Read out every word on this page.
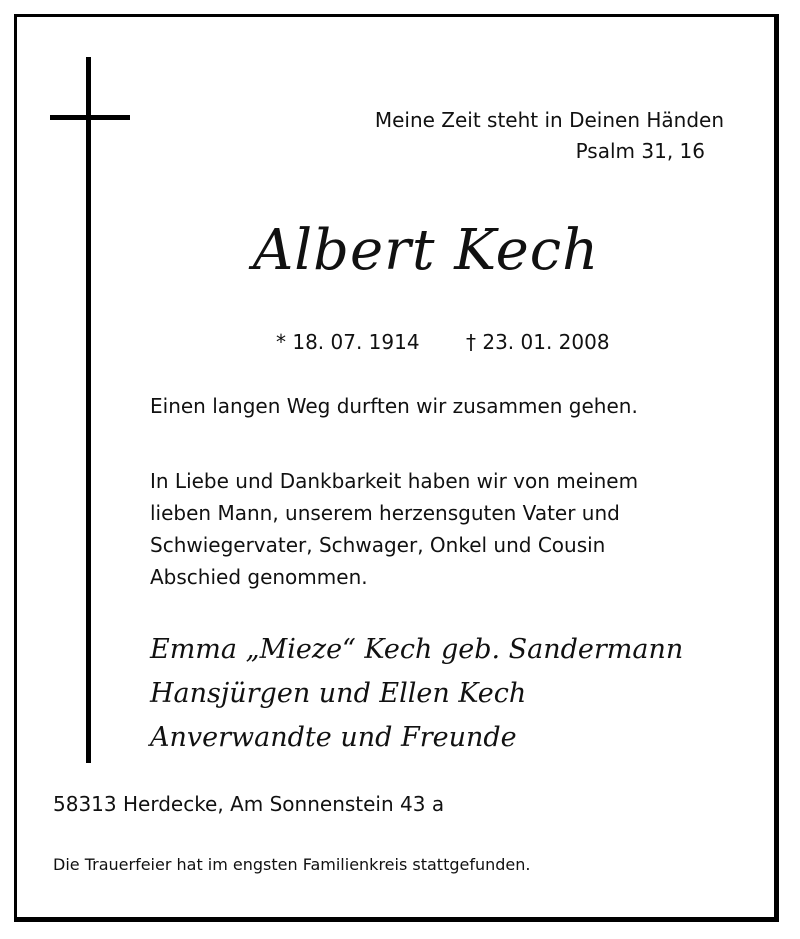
Meine Zeit steht in Deinen Händen
Psalm 31, 16
Albert Kech
* 18. 07. 1914 † 23. 01. 2008
Einen langen Weg durften wir zusammen gehen.
In Liebe und Dankbarkeit haben wir von meinem
lieben Mann, unserem herzensguten Vater und
Schwiegervater, Schwager, Onkel und Cousin
Abschied genommen.
Emma „Mieze“ Kech geb. Sandermann
Hansjürgen und Ellen Kech
Anverwandte und Freunde
58313 Herdecke, Am Sonnenstein 43 a
Die Trauerfeier hat im engsten Familienkreis stattgefunden.
